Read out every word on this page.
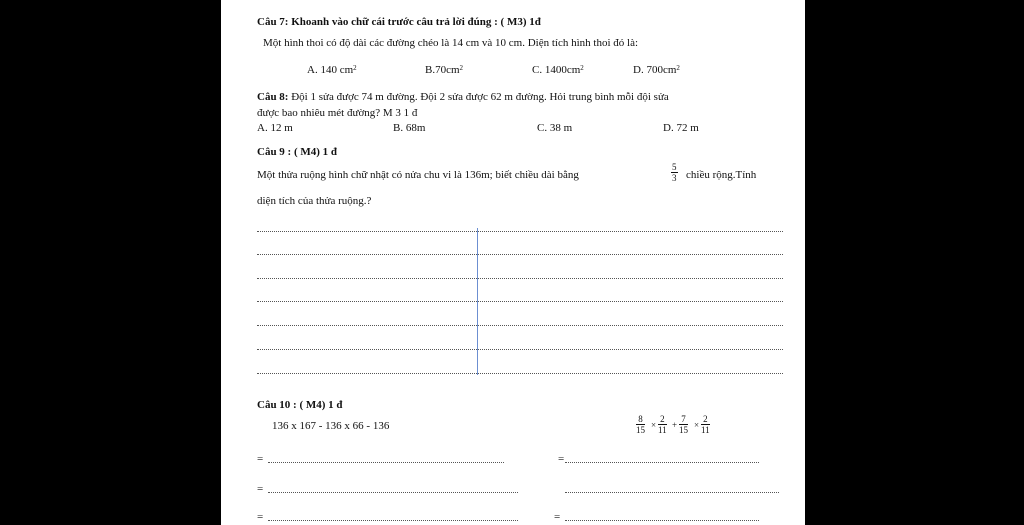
Câu 7: Khoanh vào chữ cái trước câu trả lời đúng : ( M3) 1đ
Một hình thoi có độ dài các đường chéo là 14 cm và 10 cm. Diện tích hình thoi đó là:
A. 140 $cm^2$	$B.70cm^2$	C. $1400cm^2$	D. $700cm^2$
Câu 8: Đội 1 sửa được 74 m đường. Đội 2 sửa được 62 m đường. Hỏi trung bình mỗi đội sửa
được bao nhiêu mét đường? M 3 1 đ
A. 12 m	B. 68m	C. 38 m	D. 72 m
Câu 9 : ( M4) 1 đ
Một thửa ruộng hình chữ nhật có nửa chu vi là 136m; biết chiều dài bằng	$\frac{5}{3}$ chiều rộng.Tính
diện tích của thửa ruộng.?
Câu 10 : ( M4) 1 đ
136 x 167 - 136 x 66 - 136	$\frac{8}{15} \times \frac{2}{11} + \frac{7}{15} \times \frac{2}{11}$
=	=
=
=	=
